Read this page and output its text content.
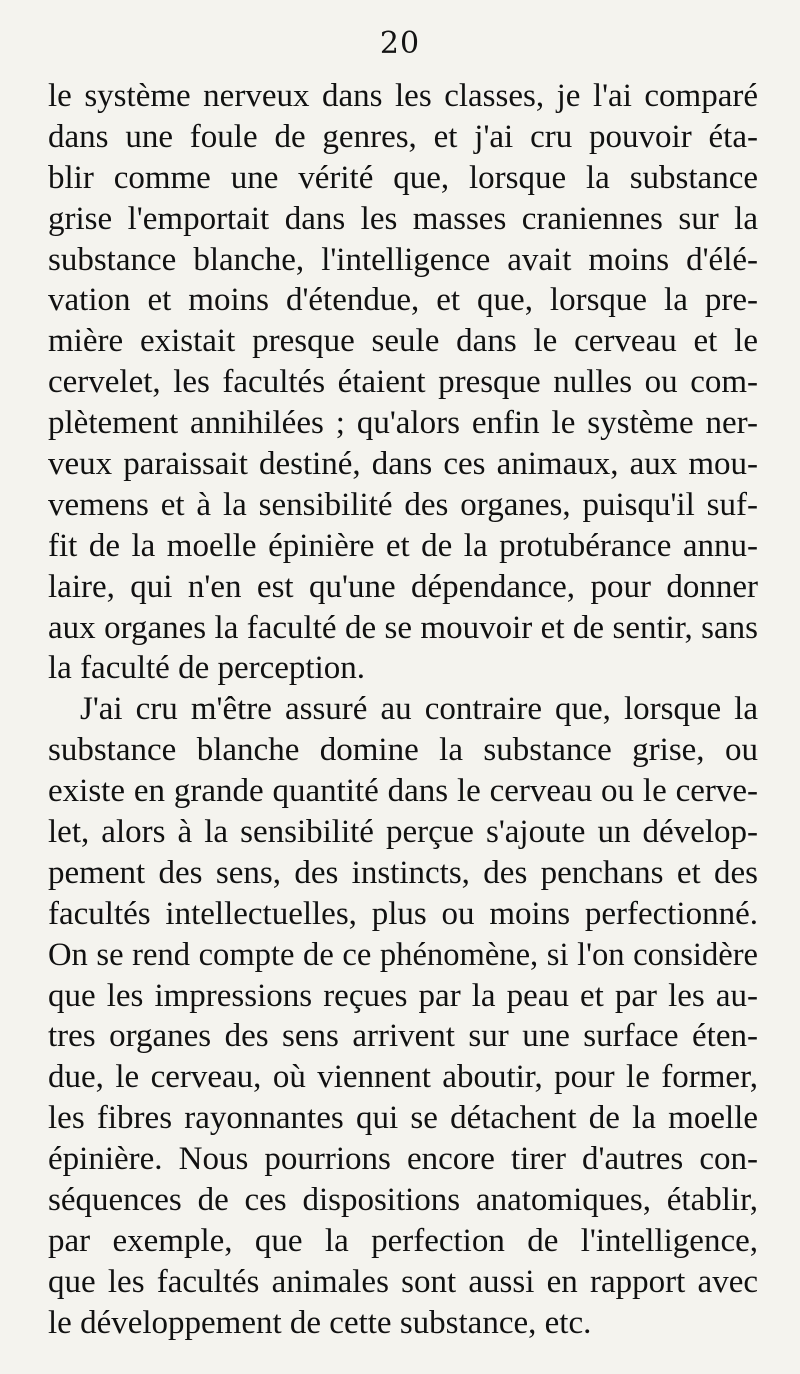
20
le système nerveux dans les classes, je l'ai comparé
dans une foule de genres, et j'ai cru pouvoir éta-
blir comme une vérité que, lorsque la substance
grise l'emportait dans les masses craniennes sur la
substance blanche, l'intelligence avait moins d'élé-
vation et moins d'étendue, et que, lorsque la pre-
mière existait presque seule dans le cerveau et le
cervelet, les facultés étaient presque nulles ou com-
plètement annihilées ; qu'alors enfin le système ner-
veux paraissait destiné, dans ces animaux, aux mou-
vemens et à la sensibilité des organes, puisqu'il suf-
fit de la moelle épinière et de la protubérance annu-
laire, qui n'en est qu'une dépendance, pour donner
aux organes la faculté de se mouvoir et de sentir, sans
la faculté de perception.
J'ai cru m'être assuré au contraire que, lorsque la
substance blanche domine la substance grise, ou
existe en grande quantité dans le cerveau ou le cerve-
let, alors à la sensibilité perçue s'ajoute un dévelop-
pement des sens, des instincts, des penchans et des
facultés intellectuelles, plus ou moins perfectionné.
On se rend compte de ce phénomène, si l'on considère
que les impressions reçues par la peau et par les au-
tres organes des sens arrivent sur une surface éten-
due, le cerveau, où viennent aboutir, pour le former,
les fibres rayonnantes qui se détachent de la moelle
épinière. Nous pourrions encore tirer d'autres con-
séquences de ces dispositions anatomiques, établir,
par exemple, que la perfection de l'intelligence,
que les facultés animales sont aussi en rapport avec
le développement de cette substance, etc.
